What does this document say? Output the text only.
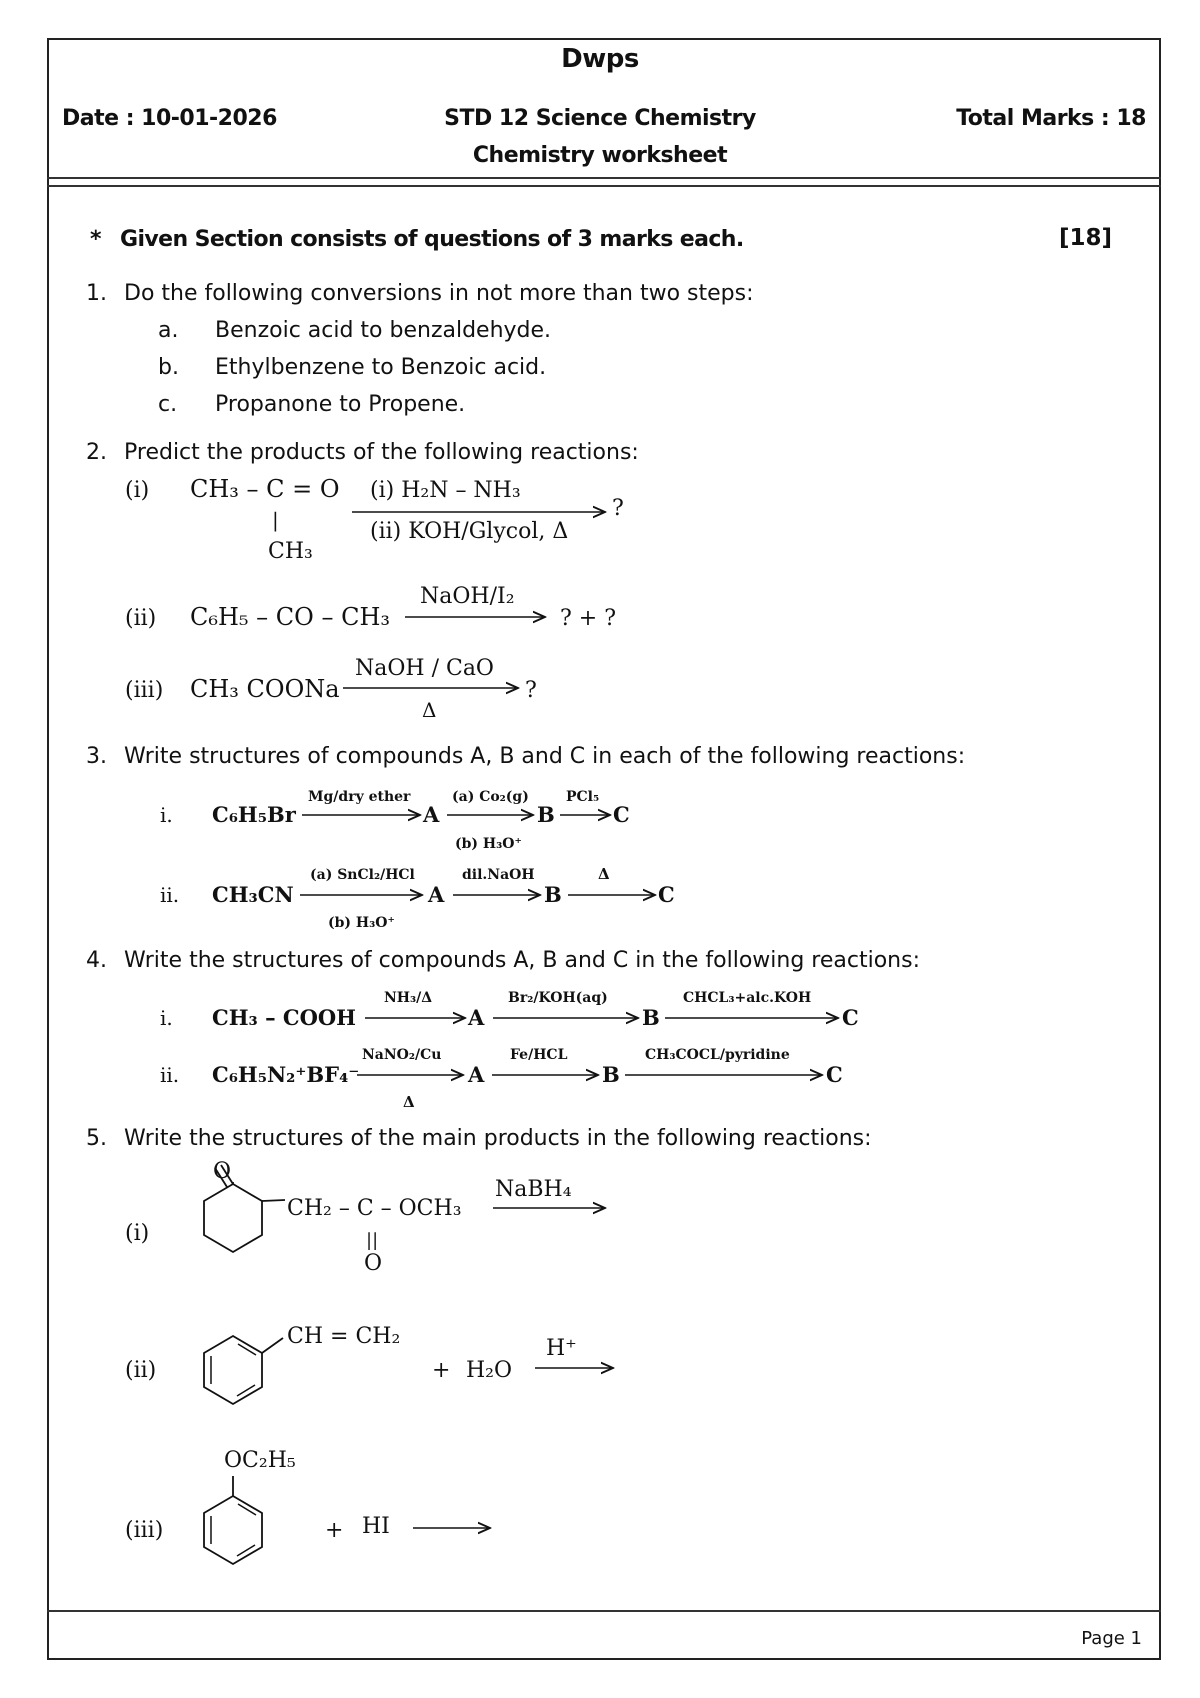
Dwps
Date : 10-01-2026	STD 12 Science Chemistry
Chemistry worksheet
Total Marks : 18
* Given Section consists of questions of 3 marks each.	[18]
1. Do the following conversions in not more than two steps:
a. Benzoic acid to benzaldehyde.
b. Ethylbenzene to Benzoic acid.
c. Propanone to Propene.
2. Predict the products of the following reactions:
3. Write structures of compounds A, B and C in each of the following reactions:
4. Write the structures of compounds A, B and C in the following reactions:
5. Write the structures of the main products in the following reactions:
(i) CH₃ – C = O
|
CH₃
(i) H₂N – NH₃
(ii) KOH/Glycol, Δ
?
(ii) C₆H₅ – CO – CH₃
NaOH/I₂
? + ?
(iii) CH₃ COONa
NaOH / CaO
Δ
?
i. C₆H₅Br
Mg/dry ether
A
(a) Co₂(g)
(b) H₃O⁺
B
PCl₅
C
ii. CH₃CN
(a) SnCl₂/HCl
(b) H₃O⁺
A
dil.NaOH
B
Δ
C
i. CH₃ – COOH
NH₃/Δ
A
Br₂/KOH(aq)
B
CHCL₃+alc.KOH
C
ii. C₆H₅N₂⁺BF₄⁻
NaNO₂/Cu
Δ
A
Fe/HCL
B
CH₃COCL/pyridine
C
(i)
O
CH₂ – C – OCH₃
||
O
NaBH₄
(ii)
CH = CH₂
+ H₂O
H⁺
(iii)
OC₂H₅
+ HI
Page 1
